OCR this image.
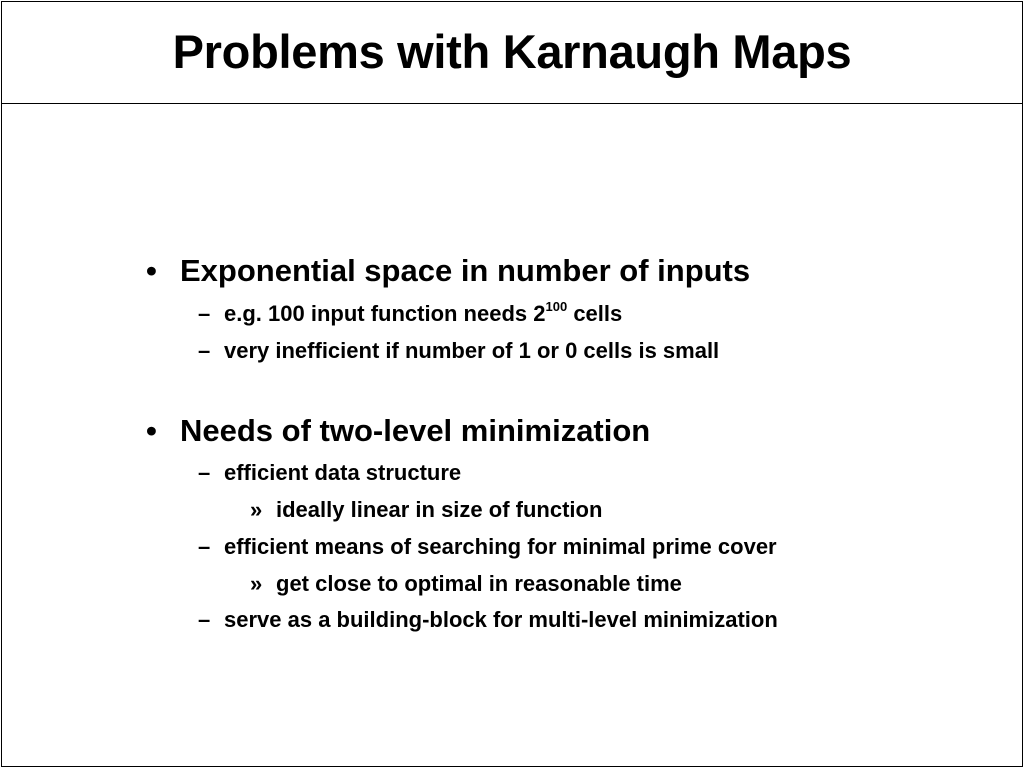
Problems with Karnaugh Maps
• Exponential space in number of inputs
– e.g. 100 input function needs $2^{100}$ cells
– very inefficient if number of 1 or 0 cells is small
• Needs of two-level minimization
– efficient data structure
» ideally linear in size of function
– efficient means of searching for minimal prime cover
» get close to optimal in reasonable time
– serve as a building-block for multi-level minimization
